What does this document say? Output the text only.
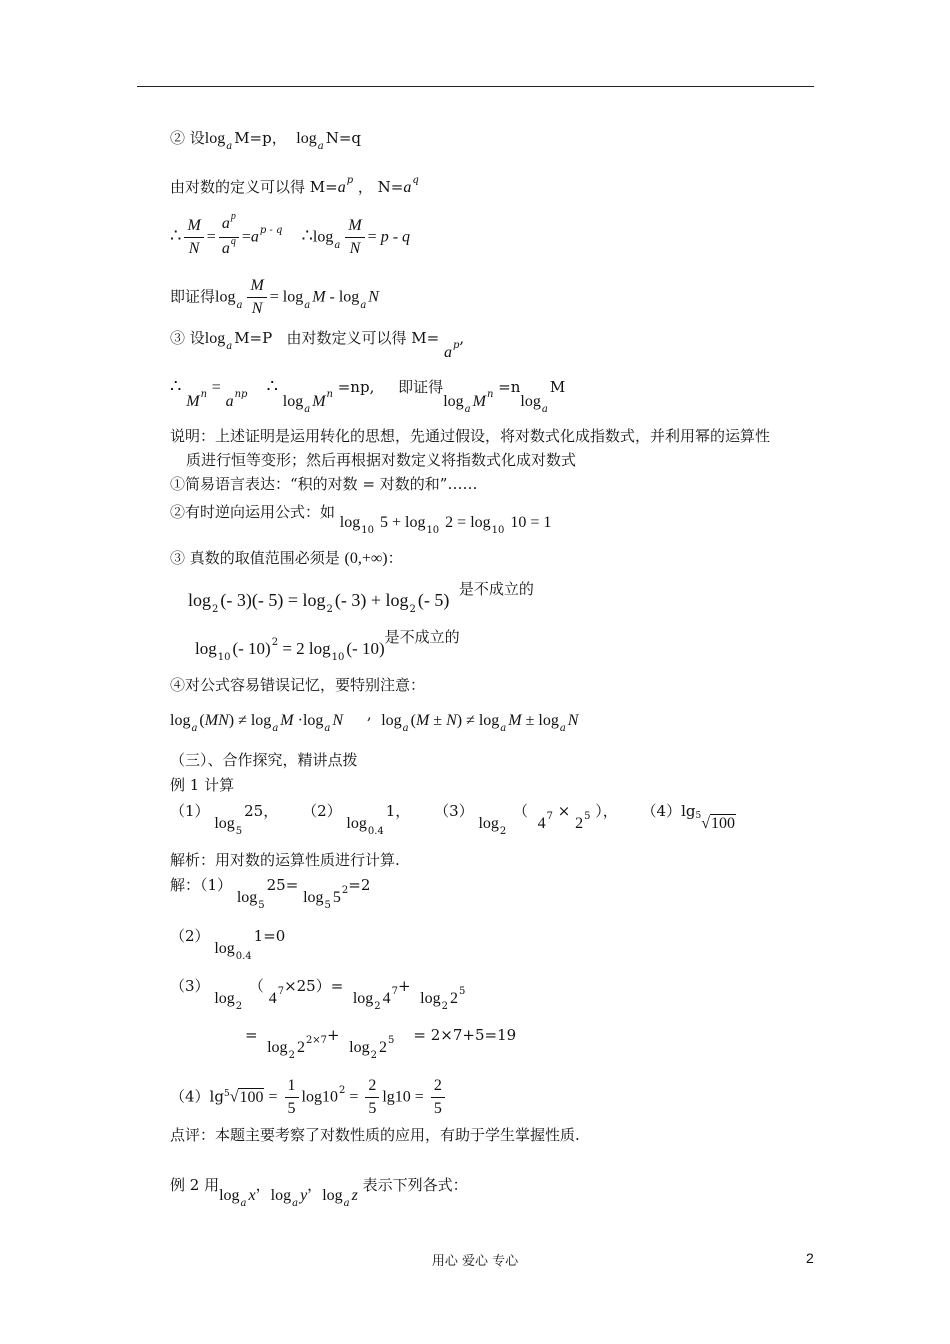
② 设$\log_a M=p$，  $\log_a N=q$
由对数的定义可以得 $M=a^p$ ， $N=a^q$
∴ $\frac{M}{N} = \frac{a^p}{a^q} =a^{p - q}$ $\therefore\log_a \frac{M}{N} = p - q$
即证得$\log_a \frac{M}{N} = \log_a M - \log_a N$
③ 设$\log_a M=P$   由对数定义可以得 $M= a^p$,
∴ $M^n = a^{np}$ ∴ $\log_a M^n =np$,     即证得$\log_a M^n =nlog_aM$
说明：上述证明是运用转化的思想，先通过假设，将对数式化成指数式，并利用幂的运算性
质进行恒等变形；然后再根据对数定义将指数式化成对数式
①简易语言表达：“积的对数 = 对数的和”……
②有时逆向运用公式：如 $\log_{10} 5 + \log_{10} 2 = \log_{10} 10 = 1$
③ 真数的取值范围必须是 (0,+∞)：
$\log_2$ (- 3)(- $5) = \log_2$ (- $3) + \log_2$ (- 5)  是不成立的
$\log_{10}$ (- 10)$^2$ = 2 $\log_{10}$ (- 10)是不成立的
④对公式容易错误记忆，要特别注意：
$\log_a (MN) \ne \log_a M \cdot\log_a$ N , $\log_a (M \pm N) \ne \log_a M \pm \log_a N$
（三）、合作探究，精讲点拨
例 1 计算
（1） $\log_525$，     （2） $\log_{0.4}1$，     （3） $\log_2$ （  $4^7 \times 2^5$ ），     $(4)\lg^5√100$
解析：用对数的运算性质进行计算.
解：（1） $\log_525= \log_5 5^2=2$
（2） $\log_{0.4}1=0$
（3） $\log_2$ （ $4^7\times 25)= \log_2 4^7+ \log_2 2^5$
=  $\log_2 2^{2\times 7}+ \log_2 2^5$    = 2×7+5=19
$(4)\lg^5√100 = \frac{1}{5} \log 10^2 = \frac{2}{5} \lg 10 = \frac{2}{5}$
点评：本题主要考察了对数性质的应用，有助于学生掌握性质.
例 2 用$\log_a x$，$\log_a y$，$\log_a z$ 表示下列各式：
用心 爱心 专心	2
